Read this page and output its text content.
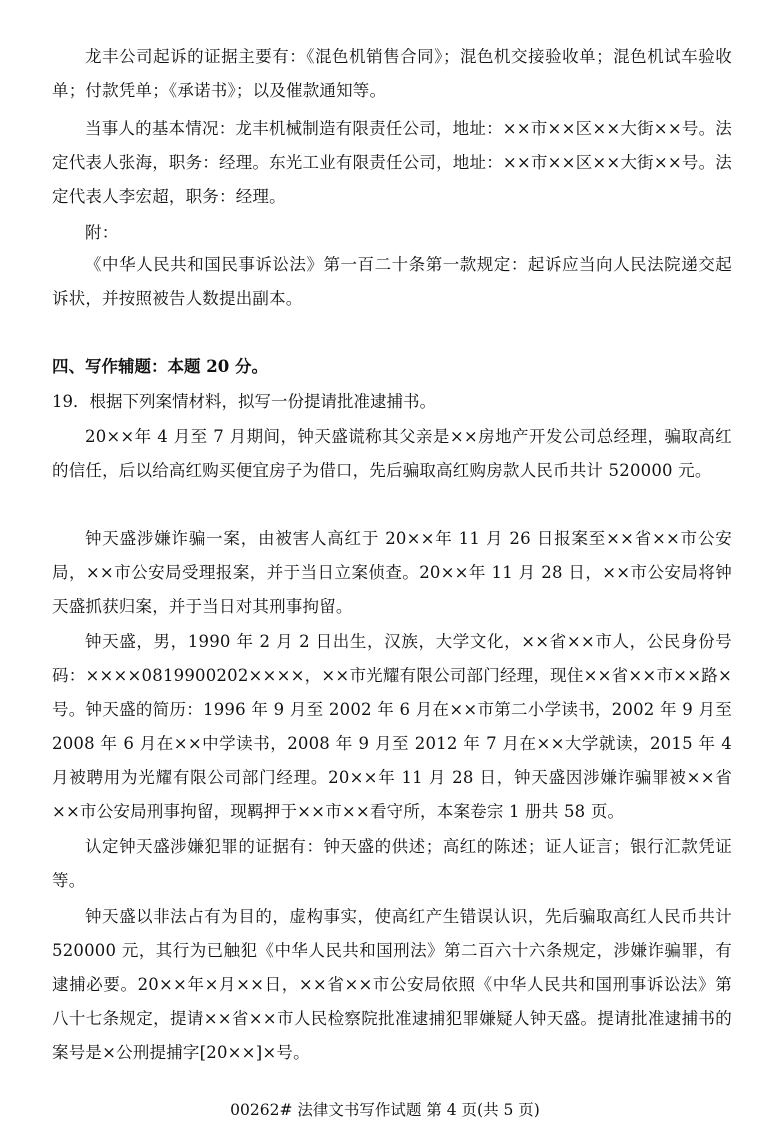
龙丰公司起诉的证据主要有：《混色机销售合同》；混色机交接验收单；混色机试车验收单；付款凭单；《承诺书》；以及催款通知等。

当事人的基本情况：龙丰机械制造有限责任公司，地址：××市××区××大街××号。法定代表人张海，职务：经理。东光工业有限责任公司，地址：××市××区××大街××号。法定代表人李宏超，职务：经理。

附：

《中华人民共和国民事诉讼法》第一百二十条第一款规定：起诉应当向人民法院递交起诉状，并按照被告人数提出副本。

四、写作辅题：本题 20 分。

19．根据下列案情材料，拟写一份提请批准逮捕书。

20××年 4 月至 7 月期间，钟天盛谎称其父亲是××房地产开发公司总经理，骗取高红的信任，后以给高红购买便宜房子为借口，先后骗取高红购房款人民币共计 520000 元。

钟天盛涉嫌诈骗一案，由被害人高红于 20××年 11 月 26 日报案至××省××市公安局，××市公安局受理报案，并于当日立案侦查。20××年 11 月 28 日，××市公安局将钟天盛抓获归案，并于当日对其刑事拘留。

钟天盛，男，1990 年 2 月 2 日出生，汉族，大学文化，××省××市人，公民身份号码：××××0819900202××××，××市光耀有限公司部门经理，现住××省××市××路×号。钟天盛的简历：1996 年 9 月至 2002 年 6 月在××市第二小学读书，2002 年 9 月至 2008 年 6 月在××中学读书，2008 年 9 月至 2012 年 7 月在××大学就读，2015 年 4 月被聘用为光耀有限公司部门经理。20××年 11 月 28 日，钟天盛因涉嫌诈骗罪被××省××市公安局刑事拘留，现羁押于××市××看守所，本案卷宗 1 册共 58 页。

认定钟天盛涉嫌犯罪的证据有：钟天盛的供述；高红的陈述；证人证言；银行汇款凭证等。

钟天盛以非法占有为目的，虚构事实，使高红产生错误认识，先后骗取高红人民币共计 520000 元，其行为已触犯《中华人民共和国刑法》第二百六十六条规定，涉嫌诈骗罪，有逮捕必要。20××年×月××日，××省××市公安局依照《中华人民共和国刑事诉讼法》第八十七条规定，提请××省××市人民检察院批准逮捕犯罪嫌疑人钟天盛。提请批准逮捕书的案号是×公刑提捕字[20××]×号。

00262# 法律文书写作试题 第 4 页(共 5 页)
